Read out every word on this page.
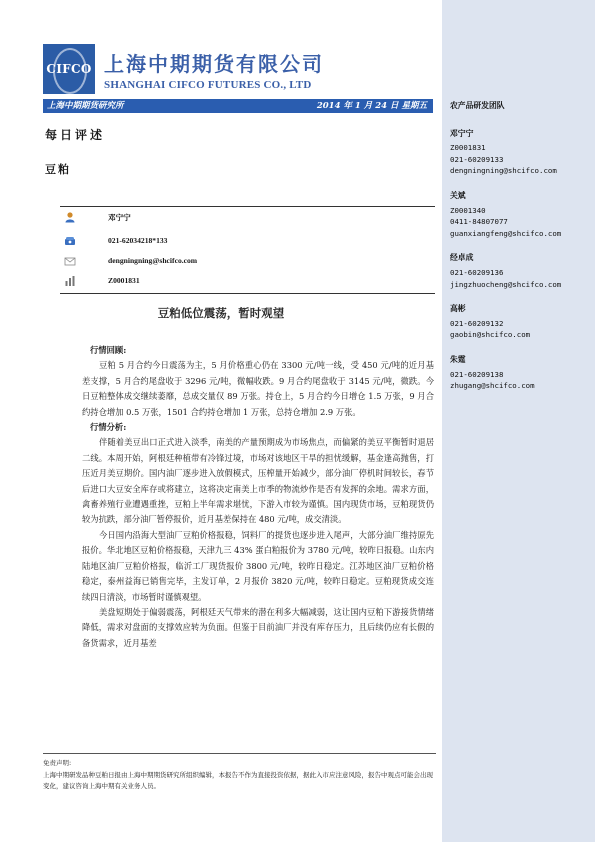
CIFCO 上海中期期货有限公司
SHANGHAI CIFCO FUTURES CO., LTD
上海中期期货研究所	2014 年 1 月 24 日 星期五
每日评述
豆粕
邓宁宁
021-62034218*133
dengningning@shcifco.com
Z0001831
豆粕低位震荡，暂时观望

行情回顾:

豆粕 5 月合约今日震荡为主，5 月价格重心仍在 3300 元/吨一线，受 450 元/吨的近月基差支撑，5 月合约尾盘收于 3296 元/吨，微幅收跌。9 月合约尾盘收于 3145 元/吨，微跌。今日豆粕整体成交继续萎靡，总成交量仅 89 万张。持仓上，5 月合约今日增仓 1.5 万张，9 月合约持仓增加 0.5 万张，1501 合约持仓增加 1 万张，总持仓增加 2.9 万张。

行情分析:

伴随着美豆出口正式进入淡季，南美的产量预期成为市场焦点，而偏紧的美豆平衡暂时退居二线。本周开始，阿根廷种植带有冷锋过境，市场对该地区干旱的担忧缓解，基金逢高抛售，打压近月美豆期价。国内油厂逐步进入放假模式，压榨量开始减少，部分油厂停机时间较长，春节后进口大豆安全库存或将建立，这将决定南美上市季的物流炒作是否有发挥的余地。需求方面，禽畜养殖行业遭遇重挫，豆粕上半年需求堪忧，下游入市较为谨慎。国内现货市场，豆粕现货仍较为抗跌，部分油厂暂停报价，近月基差保持在 480 元/吨，成交清淡。

今日国内沿海大型油厂豆粕价格报稳，饲料厂的提货也逐步进入尾声，大部分油厂维持原先报价。华北地区豆粕价格报稳，天津九三 43% 蛋白粕报价为 3780 元/吨，较昨日报稳。山东内陆地区油厂豆粕价格报，临沂工厂现货报价 3800 元/吨，较昨日稳定。江苏地区油厂豆粕价格稳定，泰州益海已销售完毕，主发订单，2 月报价 3820 元/吨，较昨日稳定。豆粕现货成交连续四日清淡，市场暂时谨慎观望。

美盘短期处于偏弱震荡，阿根廷天气带来的潜在利多大幅减弱，这让国内豆粕下游接货情绪降低，需求对盘面的支撑效应转为负面。但鉴于目前油厂并没有库存压力，且后续仍应有长假的备货需求，近月基差

免责声明:
上海中期研发品种豆粕日报由上海中期期货研究所组织编辑，本报告不作为直接投资依据，据此入市应注意风险，报告中观点可能会出现变化，建议咨询上海中期有关业务人员。
农产品研发团队
邓宁宁
Z0001831
021-60209133
dengningning@shcifco.com
关斌
Z0001340
0411-84807077
guanxiangfeng@shcifco.com
经卓成
021-60209136
jingzhuocheng@shcifco.com
高彬
021-60209132
gaobin@shcifco.com
朱霆
021-60209138
zhugang@shcifco.com
